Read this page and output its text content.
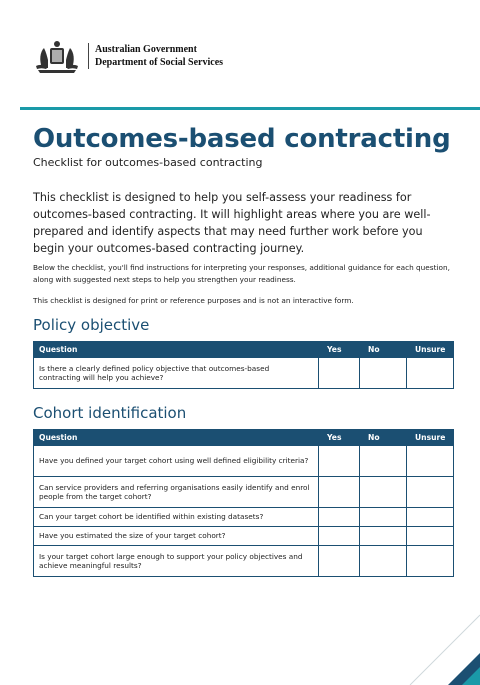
Australian Government
Department of Social Services
Outcomes-based contracting
Checklist for outcomes-based contracting

This checklist is designed to help you self-assess your readiness for outcomes-based contracting. It will highlight areas where you are well-prepared and identify aspects that may need further work before you begin your outcomes-based contracting journey.

Below the checklist, you'll find instructions for interpreting your responses, additional guidance for each question, along with suggested next steps to help you strengthen your readiness.

This checklist is designed for print or reference purposes and is not an interactive form.

Policy objective
Question	Yes	No	Unsure
Is there a clearly defined policy objective that outcomes-based contracting will help you achieve?			
Cohort identification
Question	Yes	No	Unsure
Have you defined your target cohort using well defined eligibility criteria?			
Can service providers and referring organisations easily identify and enrol people from the target cohort?			
Can your target cohort be identified within existing datasets?			
Have you estimated the size of your target cohort?			
Is your target cohort large enough to support your policy objectives and achieve meaningful results?			
